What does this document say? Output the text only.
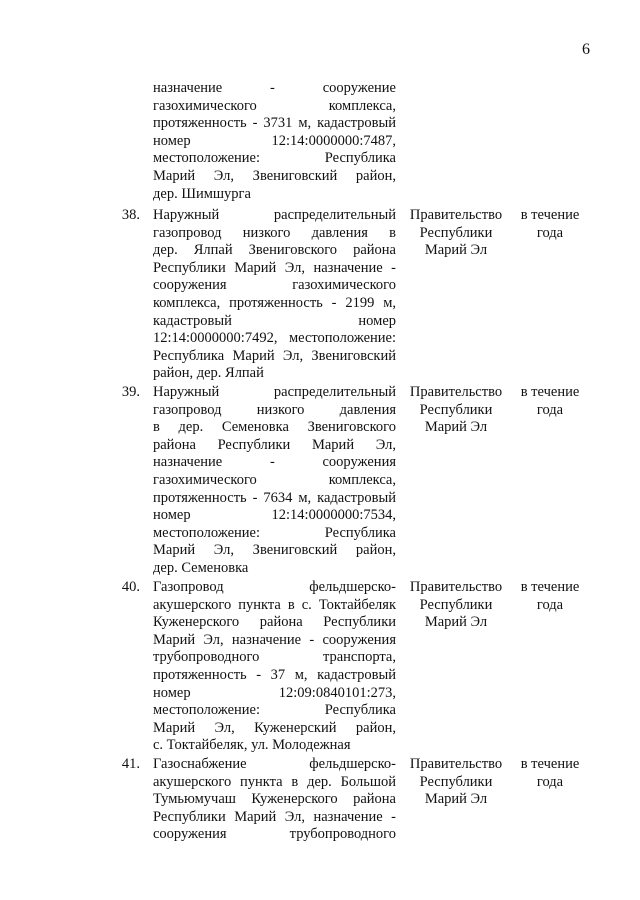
6
назначение - сооружение
газохимического комплекса,
протяженность - 3731 м, кадастровый
номер 12:14:0000000:7487,
местоположение: Республика
Марий Эл, Звениговский район,
дер. Шимшурга
38. Наружный распределительный
газопровод низкого давления в
дер. Ялпай Звениговского района
Республики Марий Эл, назначение -
сооружения газохимического
комплекса, протяженность - 2199 м,
кадастровый номер
12:14:0000000:7492, местоположение:
Республика Марий Эл, Звениговский
район, дер. Ялпай
Правительство
Республики
Марий Эл
в течение
года
39. Наружный распределительный
газопровод низкого давления
в дер. Семеновка Звениговского
района Республики Марий Эл,
назначение - сооружения
газохимического комплекса,
протяженность - 7634 м, кадастровый
номер 12:14:0000000:7534,
местоположение: Республика
Марий Эл, Звениговский район,
дер. Семеновка
Правительство
Республики
Марий Эл
в течение
года
40. Газопровод фельдшерско-
акушерского пункта в с. Токтайбеляк
Куженерского района Республики
Марий Эл, назначение - сооружения
трубопроводного транспорта,
протяженность - 37 м, кадастровый
номер 12:09:0840101:273,
местоположение: Республика
Марий Эл, Куженерский район,
с. Токтайбеляк, ул. Молодежная
Правительство
Республики
Марий Эл
в течение
года
41. Газоснабжение фельдшерско-
акушерского пункта в дер. Большой
Тумьюмучаш Куженерского района
Республики Марий Эл, назначение -
сооружения трубопроводного
Правительство
Республики
Марий Эл
в течение
года
